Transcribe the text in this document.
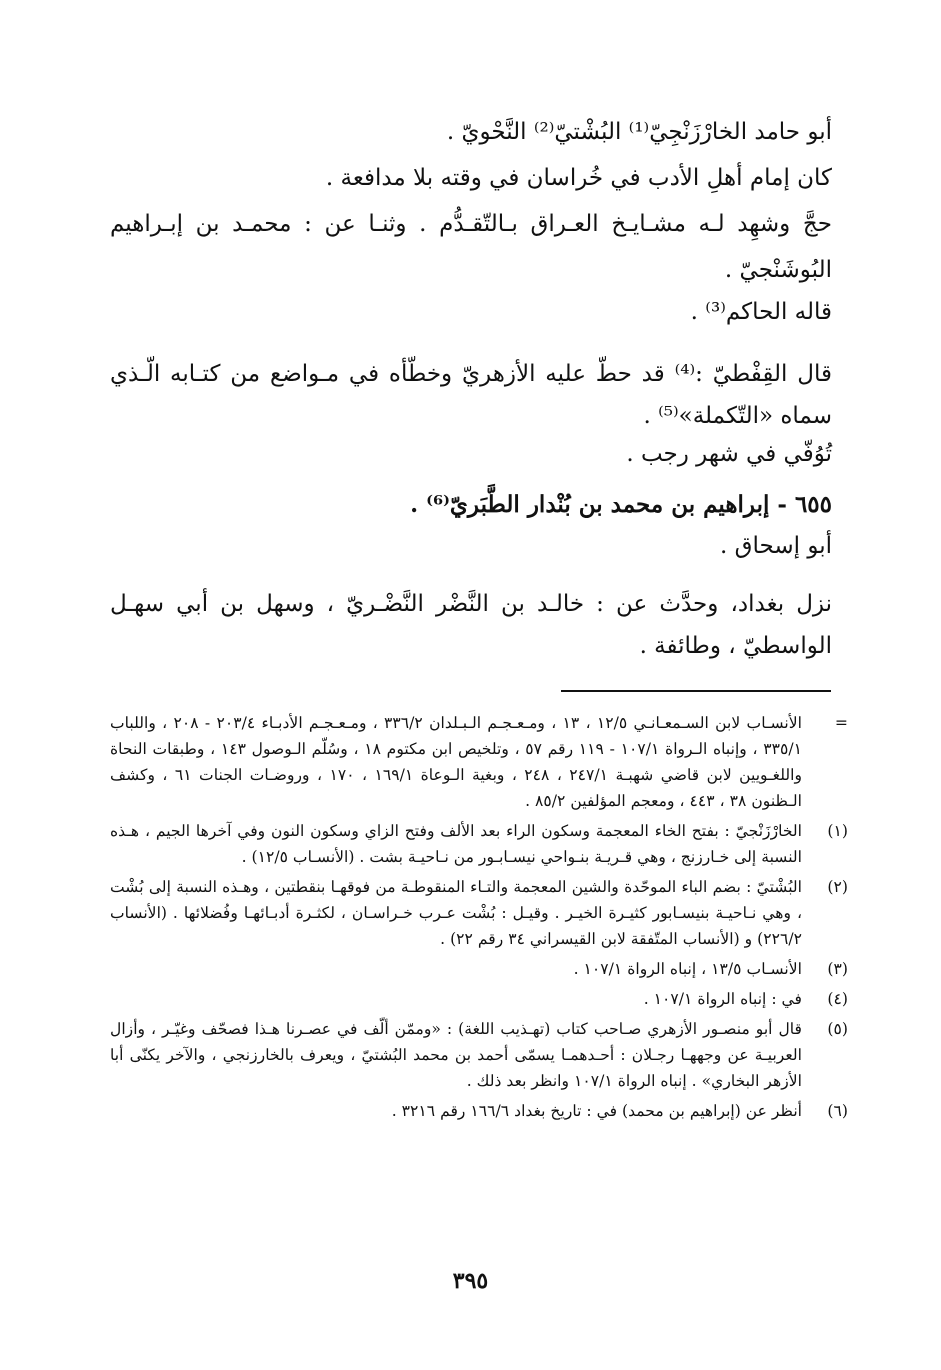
أبو حامد الخارْزَنْجِيّ⁽¹⁾ البُشْتيّ⁽²⁾ النَّحْويّ .
كان إمام أهلِ الأدب في خُراسان في وقته بلا مدافعة .
حجَّ وشهِد لـه مشـايـخ العـراق بـالتّقـدُّم . وثنـا عن : محمـد بن إبـراهيم
البُوشَنْجيّ .
قاله الحاكم⁽³⁾ .
قال القِفْطيّ :⁽⁴⁾ قد حطّ عليه الأزهريّ وخطّأه في مـواضع من كتـابه الّـذي
سماه «التّكملة»⁽⁵⁾ .
تُوُفّي في شهر رجب .
٦٥٥ - إبراهيم بن محمد بن بُنْدار الطَّبَريّ⁽⁶⁾ .
أبو إسحاق .
نزل بغداد، وحدَّث عن : خالـد بن النَّضْر النَّضْـريّ ، وسهل بن أبي سهـل
الواسطيّ ، وطائفة .
=
الأنسـاب لابن السـمعـانـي ١٢/٥ ، ١٣ ، ومـعـجـم الـبـلدان ٣٣٦/٢ ، ومـعـجـم الأدبـاء ٢٠٣/٤ - ٢٠٨ ، واللباب ٣٣٥/١ ، وإنباه الـرواة ١٠٧/١ - ١١٩ رقم ٥٧ ، وتلخيص ابن مكتوم ١٨ ، وسُلّم الـوصول ١٤٣ ، وطبقات النحاة واللغـويين لابن قاضي شهبـة ٢٤٧/١ ، ٢٤٨ ، وبغية الـوعاة ١٦٩/١ ، ١٧٠ ، وروضـات الجنات ٦١ ، وكشف الـظنون ٣٨ ، ٤٤٣ ، ومعجم المؤلفين ٨٥/٢ .
(١)
الخارْزَنْجيّ : بفتح الخاء المعجمة وسكون الراء بعد الألف وفتح الزاي وسكون النون وفي آخرها الجيم ، هـذه النسبة إلى خـارزنج ، وهي قـريـة بنـواحي نيسـابـور من نـاحيـة بشت . (الأنسـاب ١٢/٥) .
(٢)
البُشْتيّ : بضم الباء الموحّدة والشين المعجمة والتـاء المنقوطـة من فوقهـا بنقطتين ، وهـذه النسبة إلى بُشْت ، وهي نـاحيـة بنيسـابور كثيـرة الخيـر . وقيـل : بُشْت عـرب خـراسـان ، لكثـرة أدبـائهـا وفُضلائها . (الأنساب ٢٢٦/٢) و (الأنساب المتّفقة لابن القيسراني ٣٤ رقم ٢٢) .
(٣)
الأنسـاب ١٣/٥ ، إنباه الرواة ١٠٧/١ .
(٤)
في : إنباه الرواة ١٠٧/١ .
(٥)
قال أبو منصـور الأزهري صـاحب كتاب (تهـذيب اللغة) : «وممّن ألّف في عصـرنا هـذا فصحّف وغيّـر ، وأزال العربيـة عن وجههـا رجـلان : أحـدهمـا يسمّى أحمد بن محمد البُشتيّ ، ويعرف بالخارزنجي ، والآخر يكنّى أبا الأزهر البخاري» . إنباه الرواة ١٠٧/١ وانظر بعد ذلك .
(٦)
أنظر عن (إبراهيم بن محمد) في : تاريخ بغداد ١٦٦/٦ رقم ٣٢١٦ .
٣٩٥
